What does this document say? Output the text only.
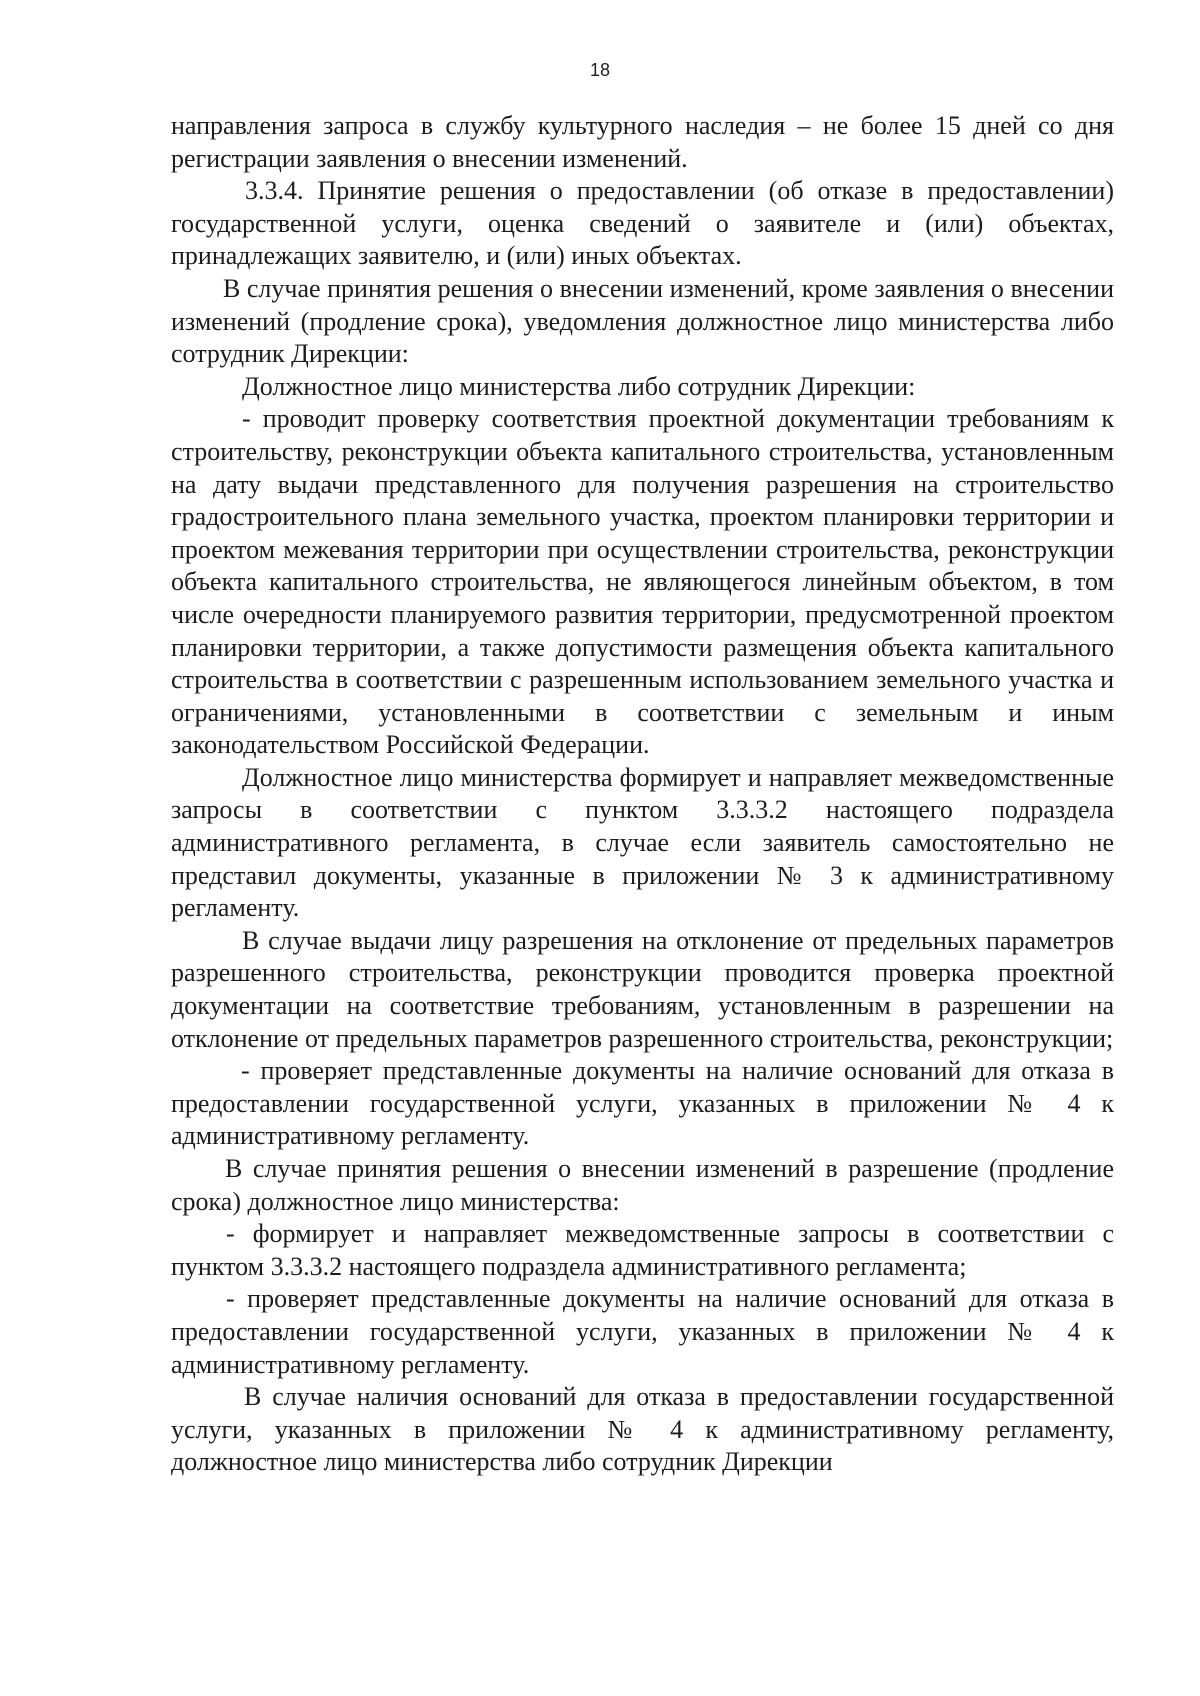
18

направления запроса в службу культурного наследия – не более 15 дней со дня регистрации заявления о внесении изменений.

3.3.4. Принятие решения о предоставлении (об отказе в предоставлении) государственной услуги, оценка сведений о заявителе и (или) объектах, принадлежащих заявителю, и (или) иных объектах.

В случае принятия решения о внесении изменений, кроме заявления о внесении изменений (продление срока), уведомления должностное лицо министерства либо сотрудник Дирекции:

Должностное лицо министерства либо сотрудник Дирекции:

- проводит проверку соответствия проектной документации требованиям к строительству, реконструкции объекта капитального строительства, установленным на дату выдачи представленного для получения разрешения на строительство градостроительного плана земельного участка, проектом планировки территории и проектом межевания территории при осуществлении строительства, реконструкции объекта капитального строительства, не являющегося линейным объектом, в том числе очередности планируемого развития территории, предусмотренной проектом планировки территории, а также допустимости размещения объекта капитального строительства в соответствии с разрешенным использованием земельного участка и ограничениями, установленными в соответствии с земельным и иным законодательством Российской Федерации.

Должностное лицо министерства формирует и направляет межведомственные запросы в соответствии с пунктом 3.3.3.2 настоящего подраздела административного регламента, в случае если заявитель самостоятельно не представил документы, указанные в приложении № 3 к административному регламенту.

В случае выдачи лицу разрешения на отклонение от предельных параметров разрешенного строительства, реконструкции проводится проверка проектной документации на соответствие требованиям, установленным в разрешении на отклонение от предельных параметров разрешенного строительства, реконструкции;

- проверяет представленные документы на наличие оснований для отказа в предоставлении государственной услуги, указанных в приложении № 4 к административному регламенту.

В случае принятия решения о внесении изменений в разрешение (продление срока) должностное лицо министерства:

- формирует и направляет межведомственные запросы в соответствии с пунктом 3.3.3.2 настоящего подраздела административного регламента;

- проверяет представленные документы на наличие оснований для отказа в предоставлении государственной услуги, указанных в приложении № 4 к административному регламенту.

В случае наличия оснований для отказа в предоставлении государственной услуги, указанных в приложении № 4 к административному регламенту, должностное лицо министерства либо сотрудник Дирекции
